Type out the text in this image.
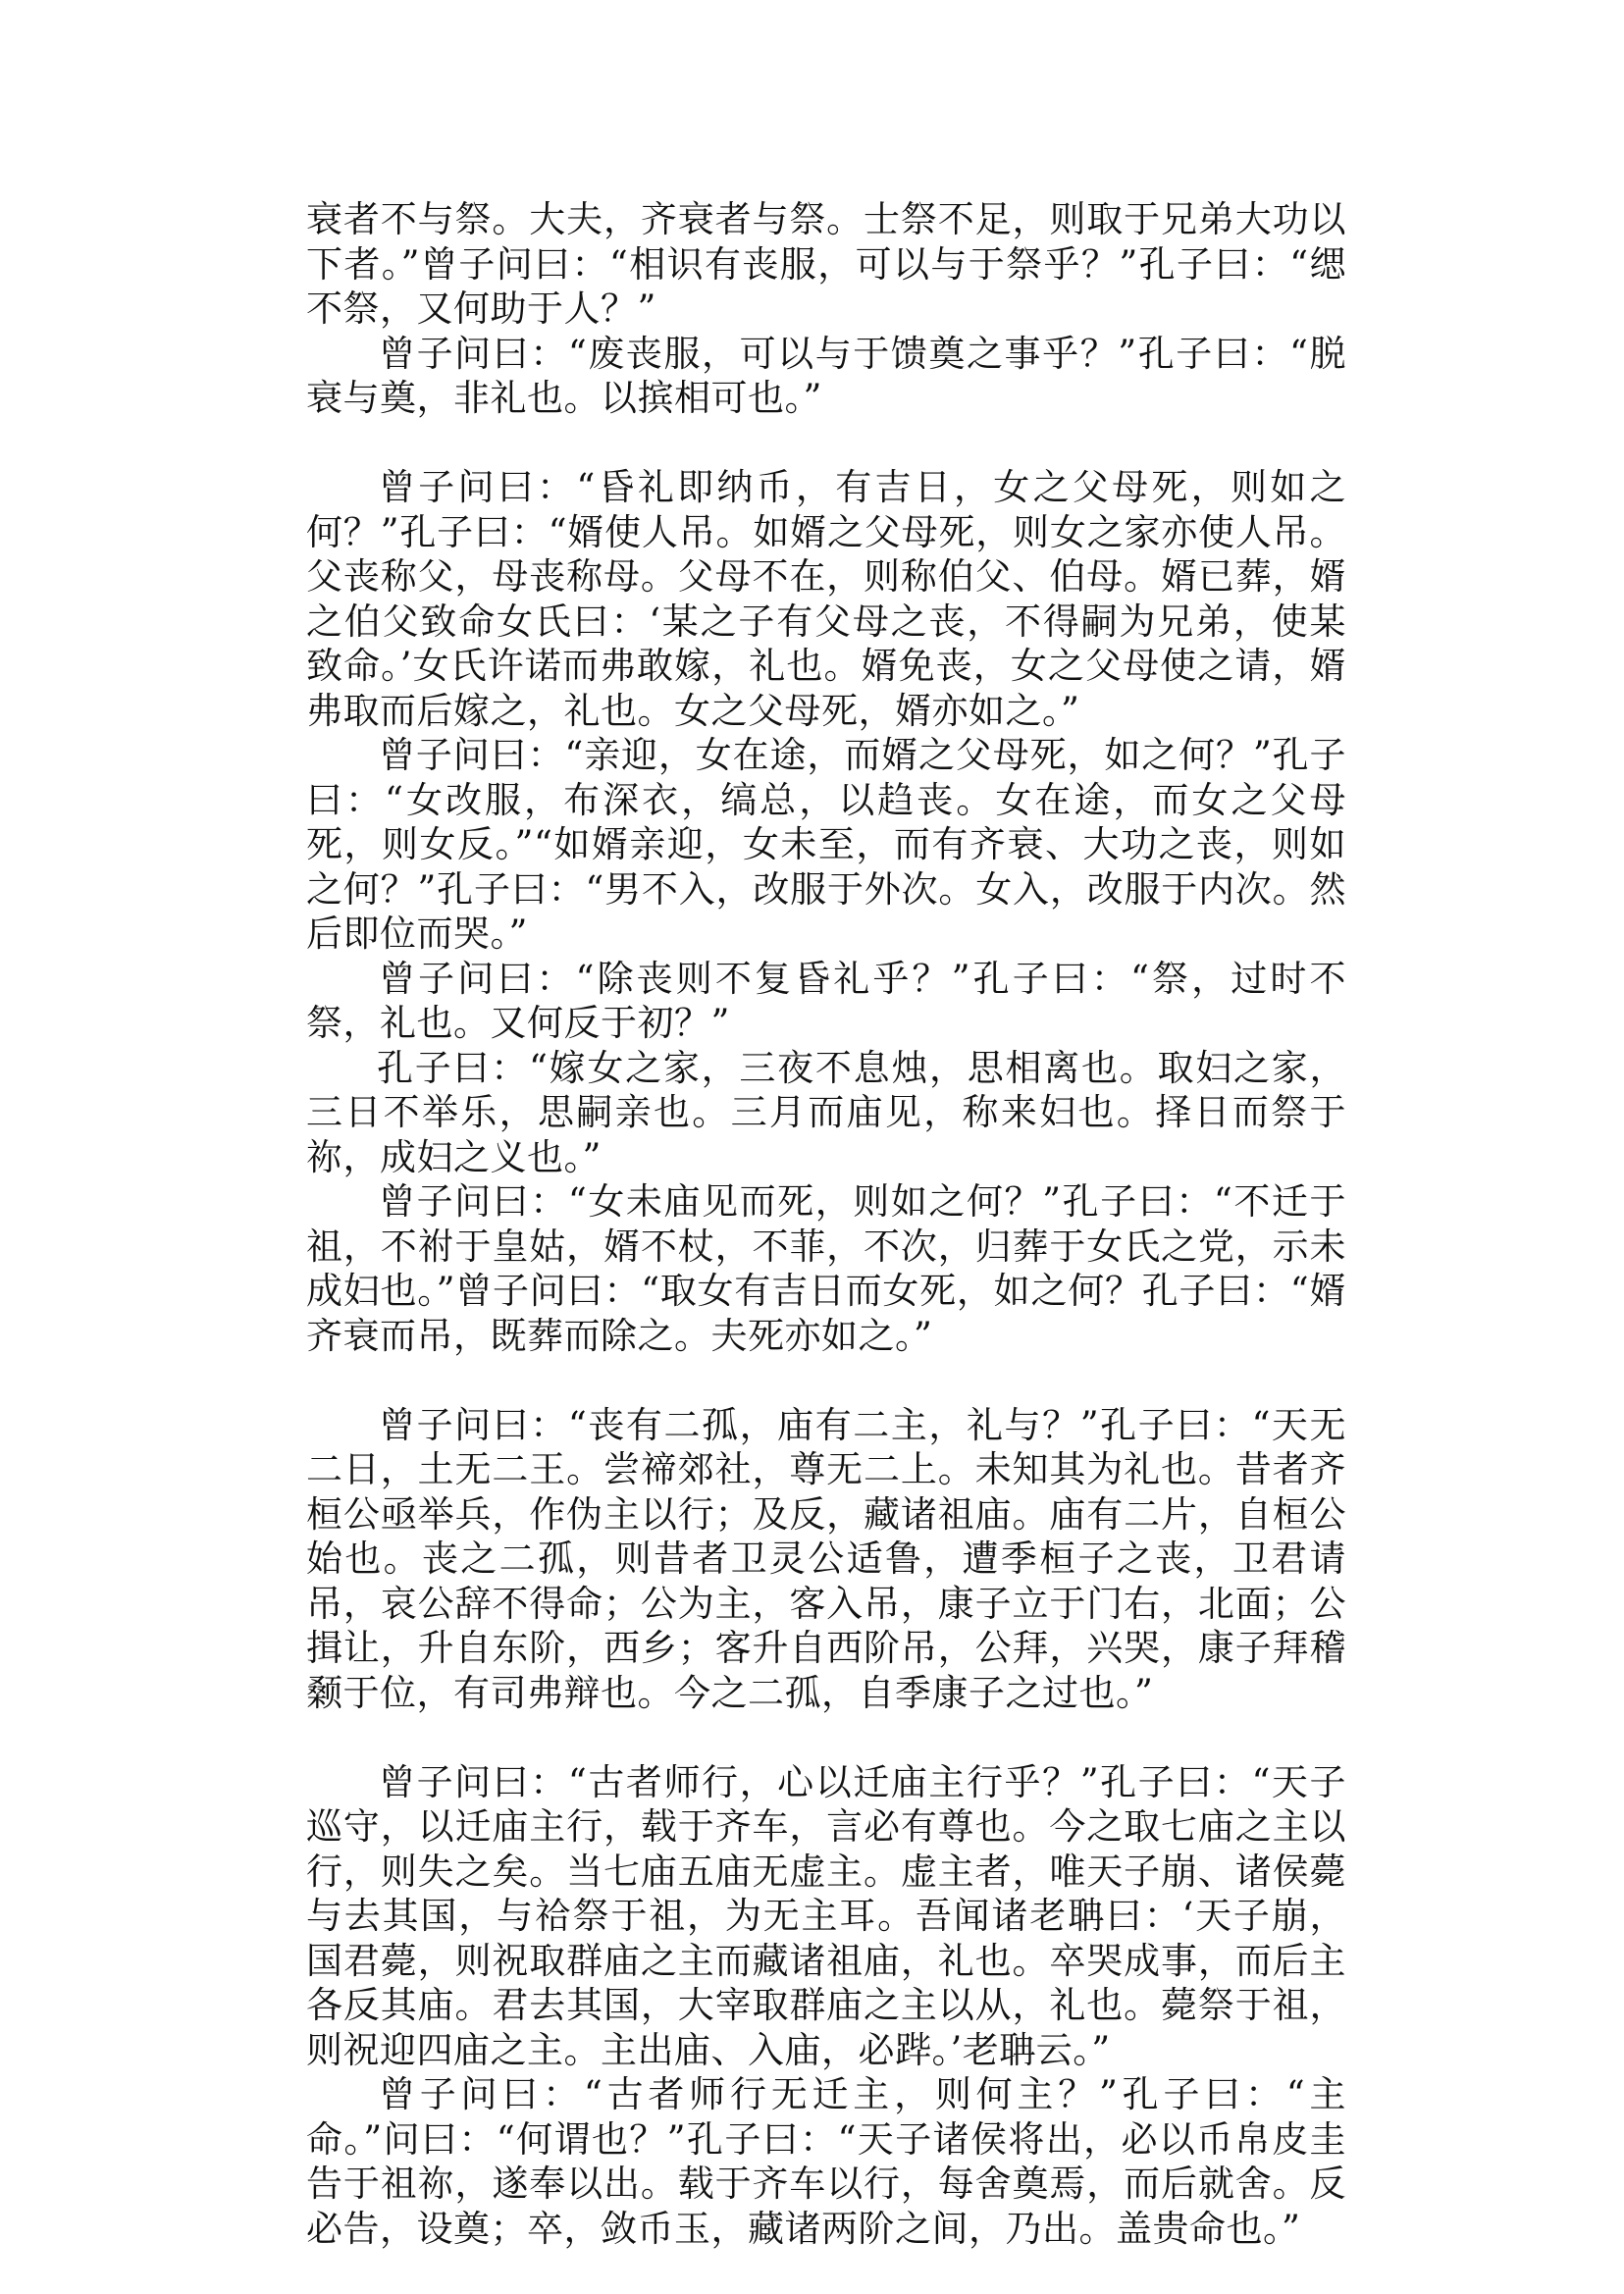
衰者不与祭。大夫，齐衰者与祭。士祭不足，则取于兄弟大功以下者。”曾子问曰：“相识有丧服，可以与于祭乎？”孔子曰：“缌不祭，又何助于人？”

曾子问曰：“废丧服，可以与于馈奠之事乎？”孔子曰：“脱衰与奠，非礼也。以摈相可也。”

曾子问曰：“昏礼即纳币，有吉日，女之父母死，则如之何？”孔子曰：“婿使人吊。如婿之父母死，则女之家亦使人吊。父丧称父，母丧称母。父母不在，则称伯父、伯母。婿已葬，婿之伯父致命女氏曰：‘某之子有父母之丧，不得嗣为兄弟，使某致命。’女氏许诺而弗敢嫁，礼也。婿免丧，女之父母使之请，婿弗取而后嫁之，礼也。女之父母死，婿亦如之。”

曾子问曰：“亲迎，女在途，而婿之父母死，如之何？”孔子曰：“女改服，布深衣，缟总，以趋丧。女在途，而女之父母死，则女反。”“如婿亲迎，女未至，而有齐衰、大功之丧，则如之何？”孔子曰：“男不入，改服于外次。女入，改服于内次。然后即位而哭。”

曾子问曰：“除丧则不复昏礼乎？”孔子曰：“祭，过时不祭，礼也。又何反于初？”

孔子曰：“嫁女之家，三夜不息烛，思相离也。取妇之家，三日不举乐，思嗣亲也。三月而庙见，称来妇也。择日而祭于祢，成妇之义也。”

曾子问曰：“女未庙见而死，则如之何？”孔子曰：“不迁于祖，不祔于皇姑，婿不杖，不菲，不次，归葬于女氏之党，示未成妇也。”曾子问曰：“取女有吉日而女死，如之何？孔子曰：“婿齐衰而吊，既葬而除之。夫死亦如之。”

曾子问曰：“丧有二孤，庙有二主，礼与？”孔子曰：“天无二日，土无二王。尝禘郊社，尊无二上。未知其为礼也。昔者齐桓公亟举兵，作伪主以行；及反，藏诸祖庙。庙有二片，自桓公始也。丧之二孤，则昔者卫灵公适鲁，遭季桓子之丧，卫君请吊，哀公辞不得命；公为主，客入吊，康子立于门右，北面；公揖让，升自东阶，西乡；客升自西阶吊，公拜，兴哭，康子拜稽颡于位，有司弗辩也。今之二孤，自季康子之过也。”

曾子问曰：“古者师行，心以迁庙主行乎？”孔子曰：“天子巡守，以迁庙主行，载于齐车，言必有尊也。今之取七庙之主以行，则失之矣。当七庙五庙无虚主。虚主者，唯天子崩、诸侯薨与去其国，与祫祭于祖，为无主耳。吾闻诸老聃曰：‘天子崩，国君薨，则祝取群庙之主而藏诸祖庙，礼也。卒哭成事，而后主各反其庙。君去其国，大宰取群庙之主以从，礼也。薨祭于祖，则祝迎四庙之主。主出庙、入庙，必跸。’老聃云。”

曾子问曰：“古者师行无迁主，则何主？”孔子曰：“主命。”问曰：“何谓也？”孔子曰：“天子诸侯将出，必以币帛皮圭告于祖祢，遂奉以出。载于齐车以行，每舍奠焉，而后就舍。反必告，设奠；卒，敛币玉，藏诸两阶之间，乃出。盖贵命也。”
